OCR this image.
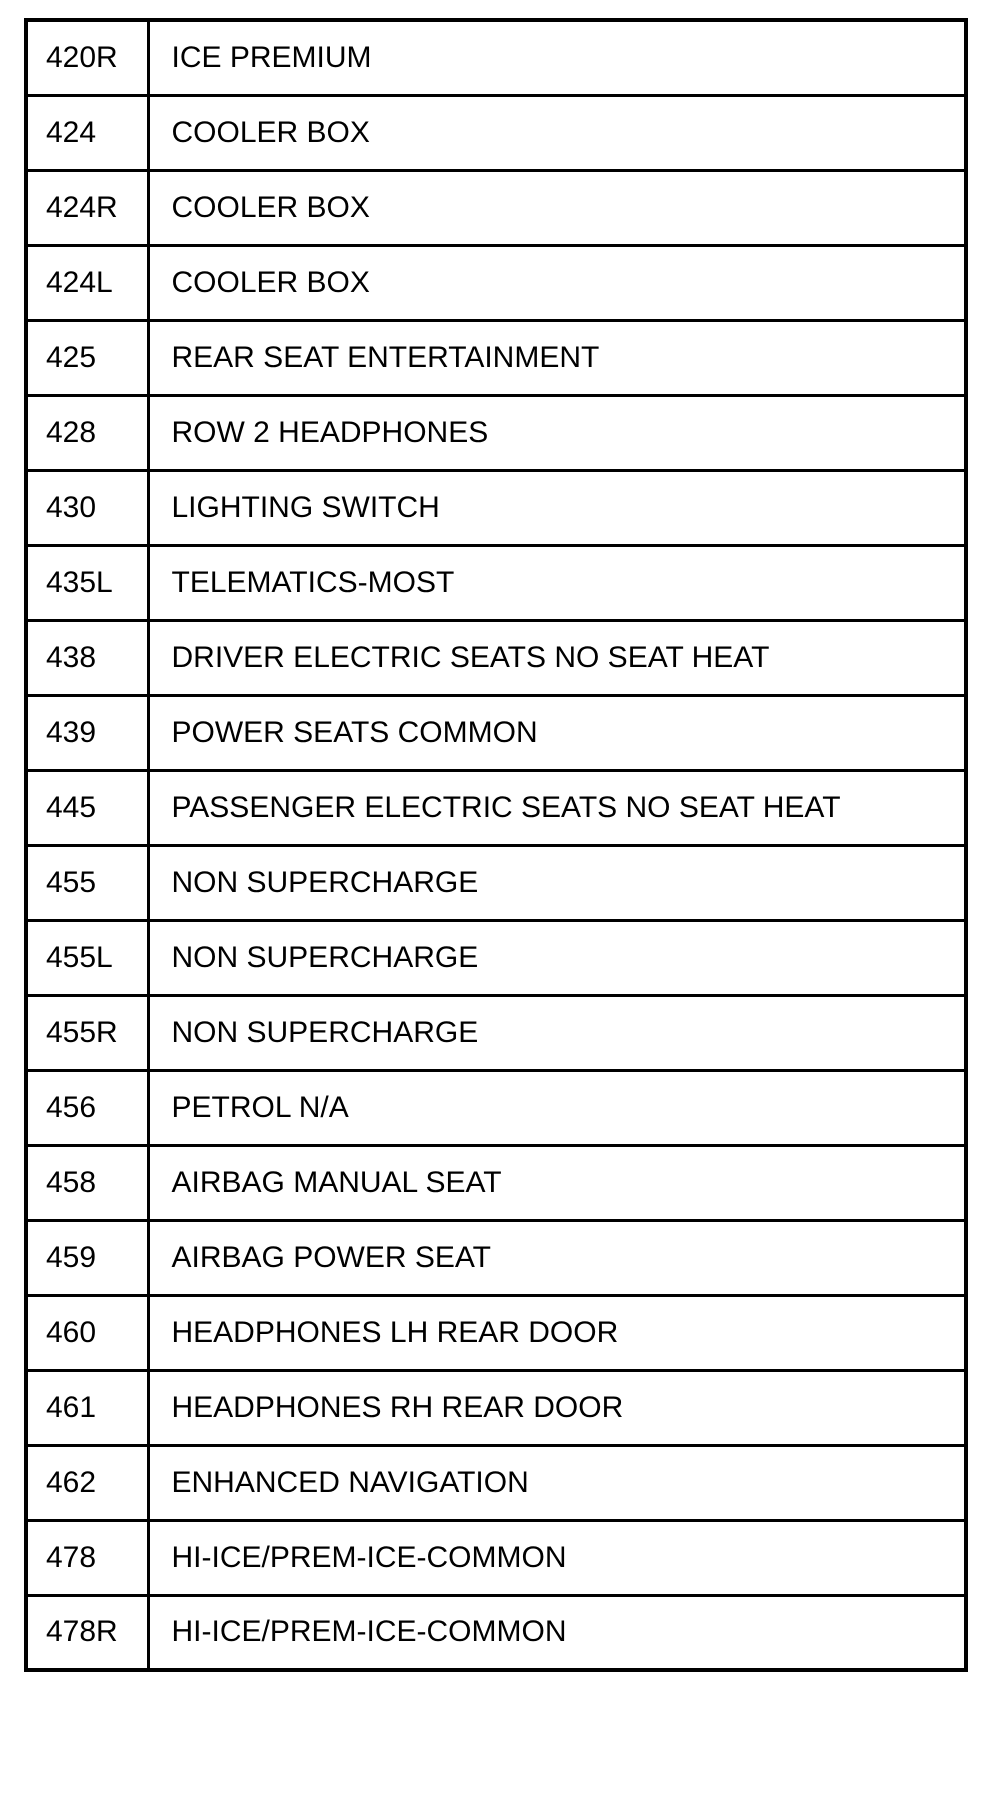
420R	ICE PREMIUM
424	COOLER BOX
424R	COOLER BOX
424L	COOLER BOX
425	REAR SEAT ENTERTAINMENT
428	ROW 2 HEADPHONES
430	LIGHTING SWITCH
435L	TELEMATICS-MOST
438	DRIVER ELECTRIC SEATS NO SEAT HEAT
439	POWER SEATS COMMON
445	PASSENGER ELECTRIC SEATS NO SEAT HEAT
455	NON SUPERCHARGE
455L	NON SUPERCHARGE
455R	NON SUPERCHARGE
456	PETROL N/A
458	AIRBAG MANUAL SEAT
459	AIRBAG POWER SEAT
460	HEADPHONES LH REAR DOOR
461	HEADPHONES RH REAR DOOR
462	ENHANCED NAVIGATION
478	HI-ICE/PREM-ICE-COMMON
478R	HI-ICE/PREM-ICE-COMMON
